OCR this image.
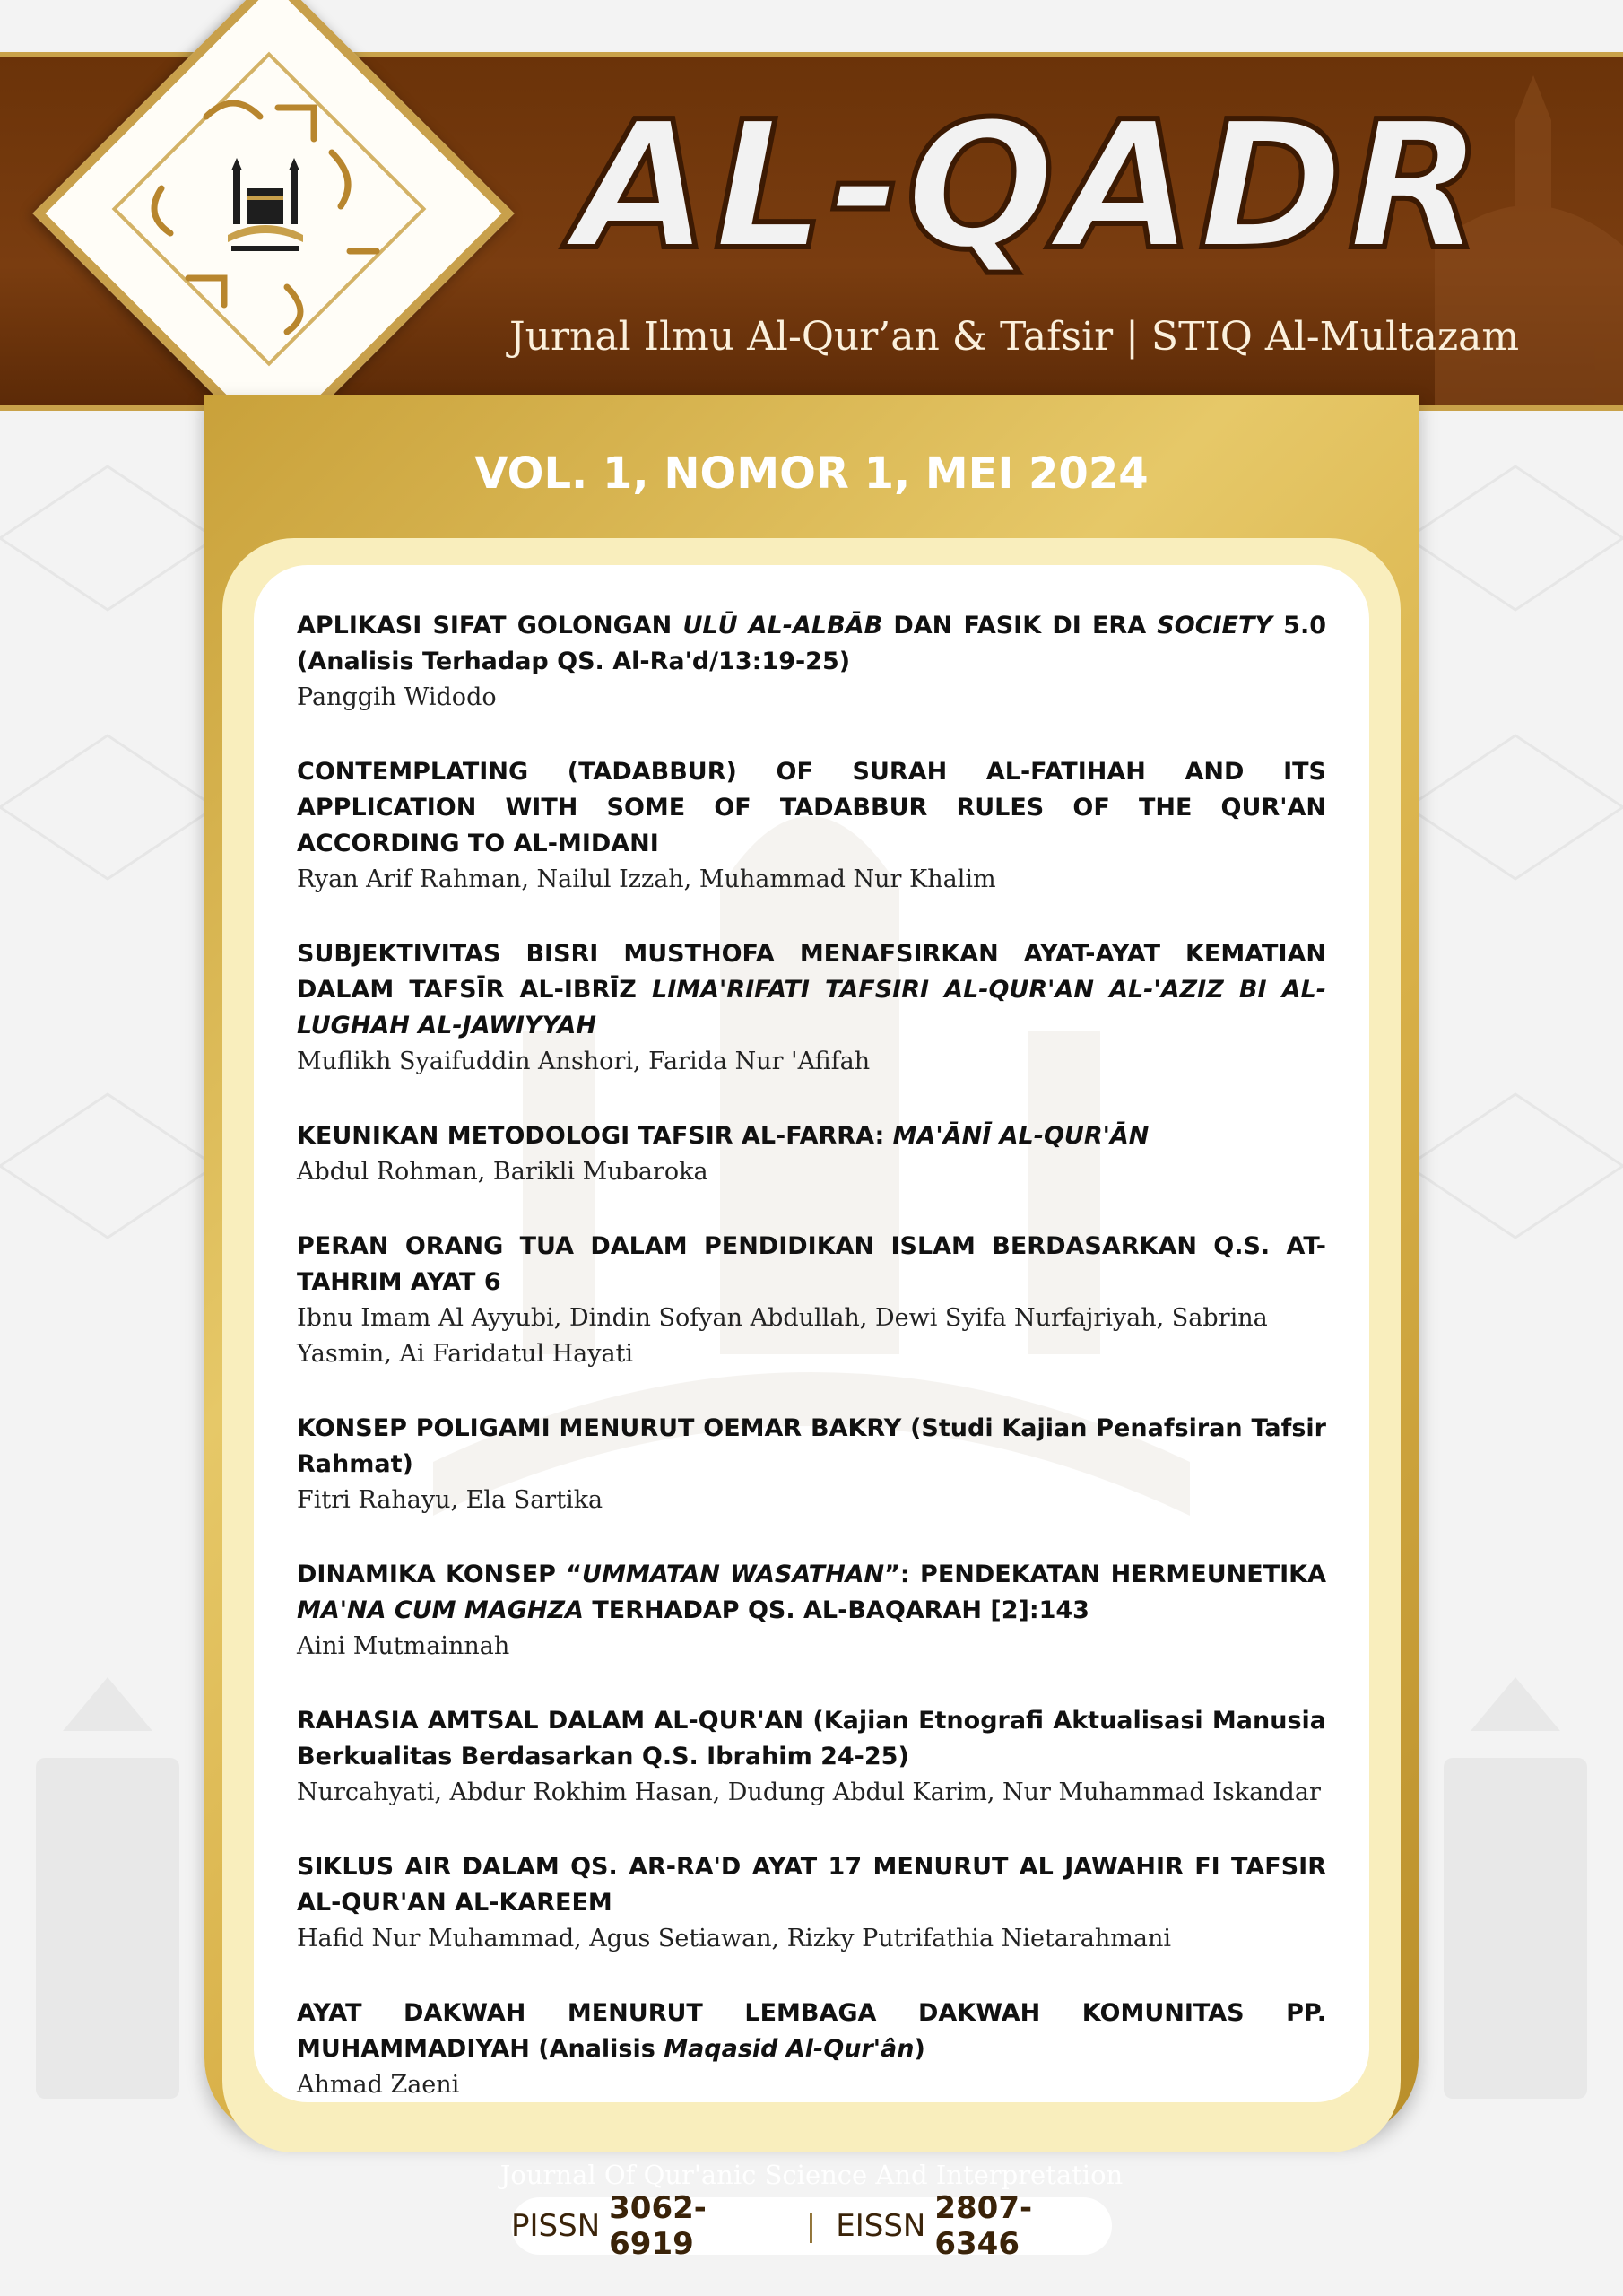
AL-QADR
Jurnal Ilmu Al-Qur’an & Tafsir | STIQ Al-Multazam
VOL. 1, NOMOR 1, MEI 2024
APLIKASI SIFAT GOLONGAN ULŪ AL-ALBĀB DAN FASIK DI ERA SOCIETY 5.0 (Analisis Terhadap QS. Al-Ra'd/13:19-25)
Panggih Widodo
CONTEMPLATING (TADABBUR) OF SURAH AL-FATIHAH AND ITS APPLICATION WITH SOME OF TADABBUR RULES OF THE QUR'AN ACCORDING TO AL-MIDANI
Ryan Arif Rahman, Nailul Izzah, Muhammad Nur Khalim
SUBJEKTIVITAS BISRI MUSTHOFA MENAFSIRKAN AYAT-AYAT KEMATIAN DALAM TAFSĪR AL-IBRĪZ LIMA'RIFATI TAFSIRI AL-QUR'AN AL-'AZIZ BI AL-LUGHAH AL-JAWIYYAH
Muflikh Syaifuddin Anshori, Farida Nur 'Afifah
KEUNIKAN METODOLOGI TAFSIR AL-FARRA: MA'ĀNĪ AL-QUR'ĀN
Abdul Rohman, Barikli Mubaroka
PERAN ORANG TUA DALAM PENDIDIKAN ISLAM BERDASARKAN Q.S. AT-TAHRIM AYAT 6
Ibnu Imam Al Ayyubi, Dindin Sofyan Abdullah, Dewi Syifa Nurfajriyah, Sabrina Yasmin, Ai Faridatul Hayati
KONSEP POLIGAMI MENURUT OEMAR BAKRY (Studi Kajian Penafsiran Tafsir Rahmat)
Fitri Rahayu, Ela Sartika
DINAMIKA KONSEP “UMMATAN WASATHAN”: PENDEKATAN HERMEUNETIKA MA'NA CUM MAGHZA TERHADAP QS. AL-BAQARAH [2]:143
Aini Mutmainnah
RAHASIA AMTSAL DALAM AL-QUR'AN (Kajian Etnografi Aktualisasi Manusia Berkualitas Berdasarkan Q.S. Ibrahim 24-25)
Nurcahyati, Abdur Rokhim Hasan, Dudung Abdul Karim, Nur Muhammad Iskandar
SIKLUS AIR DALAM QS. AR-RA'D AYAT 17 MENURUT AL JAWAHIR FI TAFSIR AL-QUR'AN AL-KAREEM
Hafid Nur Muhammad, Agus Setiawan, Rizky Putrifathia Nietarahmani
AYAT DAKWAH MENURUT LEMBAGA DAKWAH KOMUNITAS PP. MUHAMMADIYAH (Analisis Maqasid Al-Qur'ân)
Ahmad Zaeni
Journal Of Qur'anic Science And Interpretation
PISSN 3062-6919	| EISSN 2807-6346
